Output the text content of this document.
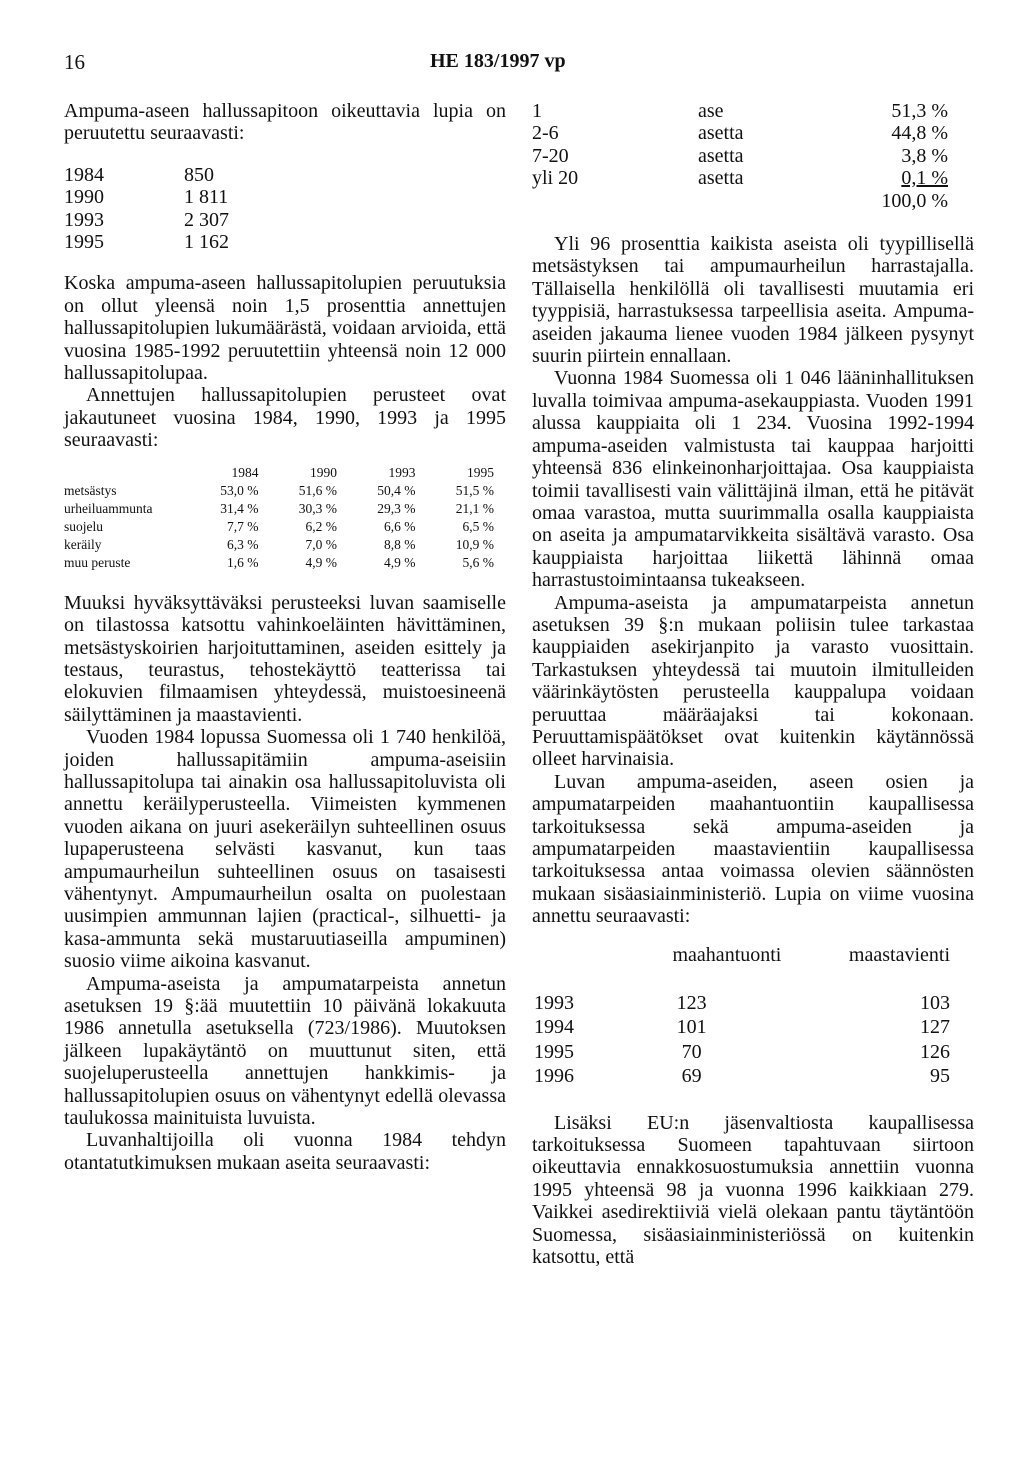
16	HE 183/1997 vp

Ampuma-aseen hallussapitoon oikeuttavia lupia on peruutettu seuraavasti:

1984	850
1990	1 811
1993	2 307
1995	1 162

Koska ampuma-aseen hallussapitolupien peruutuksia on ollut yleensä noin 1,5 prosenttia annettujen hallussapitolupien lukumäärästä, voidaan arvioida, että vuosina 1985-1992 peruutettiin yhteensä noin 12 000 hallussapitolupaa.

Annettujen hallussapitolupien perusteet ovat jakautuneet vuosina 1984, 1990, 1993 ja 1995 seuraavasti:

	1984	1990	1993	1995
metsästys	53,0 %	51,6 %	50,4 %	51,5 %
urheiluammunta	31,4 %	30,3 %	29,3 %	21,1 %
suojelu	7,7 %	6,2 %	6,6 %	6,5 %
keräily	6,3 %	7,0 %	8,8 %	10,9 %
muu peruste	1,6 %	4,9 %	4,9 %	5,6 %

Muuksi hyväksyttäväksi perusteeksi luvan saamiselle on tilastossa katsottu vahinkoeläinten hävittäminen, metsästyskoirien harjoituttaminen, aseiden esittely ja testaus, teurastus, tehostekäyttö teatterissa tai elokuvien filmaamisen yhteydessä, muistoesineenä säilyttäminen ja maastavienti.

Vuoden 1984 lopussa Suomessa oli 1 740 henkilöä, joiden hallussapitämiin ampuma-aseisiin hallussapitolupa tai ainakin osa hallussapitoluvista oli annettu keräilyperusteella. Viimeisten kymmenen vuoden aikana on juuri asekeräilyn suhteellinen osuus lupaperusteena selvästi kasvanut, kun taas ampumaurheilun suhteellinen osuus on tasaisesti vähentynyt. Ampumaurheilun osalta on puolestaan uusimpien ammunnan lajien (practical-, silhuetti- ja kasa-ammunta sekä mustaruutiaseilla ampuminen) suosio viime aikoina kasvanut.

Ampuma-aseista ja ampumatarpeista annetun asetuksen 19 §:ää muutettiin 10 päivänä lokakuuta 1986 annetulla asetuksella (723/1986). Muutoksen jälkeen lupakäytäntö on muuttunut siten, että suojeluperusteella annettujen hankkimis- ja hallussapitolupien osuus on vähentynyt edellä olevassa taulukossa mainituista luvuista.

Luvanhaltijoilla oli vuonna 1984 tehdyn otantatutkimuksen mukaan aseita seuraavasti:

1	ase	51,3 %
2-6	asetta	44,8 %
7-20	asetta	3,8 %
yli 20	asetta	0,1 %
		100,0 %

Yli 96 prosenttia kaikista aseista oli tyypillisellä metsästyksen tai ampumaurheilun harrastajalla. Tällaisella henkilöllä oli tavallisesti muutamia eri tyyppisiä, harrastuksessa tarpeellisia aseita. Ampuma-aseiden jakauma lienee vuoden 1984 jälkeen pysynyt suurin piirtein ennallaan.

Vuonna 1984 Suomessa oli 1 046 lääninhallituksen luvalla toimivaa ampuma-asekauppiasta. Vuoden 1991 alussa kauppiaita oli 1 234. Vuosina 1992-1994 ampuma-aseiden valmistusta tai kauppaa harjoitti yhteensä 836 elinkeinonharjoittajaa. Osa kauppiaista toimii tavallisesti vain välittäjinä ilman, että he pitävät omaa varastoa, mutta suurimmalla osalla kauppiaista on aseita ja ampumatarvikkeita sisältävä varasto. Osa kauppiaista harjoittaa liikettä lähinnä omaa harrastustoimintaansa tukeakseen.

Ampuma-aseista ja ampumatarpeista annetun asetuksen 39 §:n mukaan poliisin tulee tarkastaa kauppiaiden asekirjanpito ja varasto vuosittain. Tarkastuksen yhteydessä tai muutoin ilmitulleiden väärinkäytösten perusteella kauppalupa voidaan peruuttaa määräajaksi tai kokonaan. Peruuttamispäätökset ovat kuitenkin käytännössä olleet harvinaisia.

Luvan ampuma-aseiden, aseen osien ja ampumatarpeiden maahantuontiin kaupallisessa tarkoituksessa sekä ampuma-aseiden ja ampumatarpeiden maastavientiin kaupallisessa tarkoituksessa antaa voimassa olevien säännösten mukaan sisäasiainministeriö. Lupia on viime vuosina annettu seuraavasti:

	maahantuonti	maastavienti
1993	123	103
1994	101	127
1995	70	126
1996	69	95

Lisäksi EU:n jäsenvaltiosta kaupallisessa tarkoituksessa Suomeen tapahtuvaan siirtoon oikeuttavia ennakkosuostumuksia annettiin vuonna 1995 yhteensä 98 ja vuonna 1996 kaikkiaan 279. Vaikkei asedirektiiviä vielä olekaan pantu täytäntöön Suomessa, sisäasiainministeriössä on kuitenkin katsottu, että
